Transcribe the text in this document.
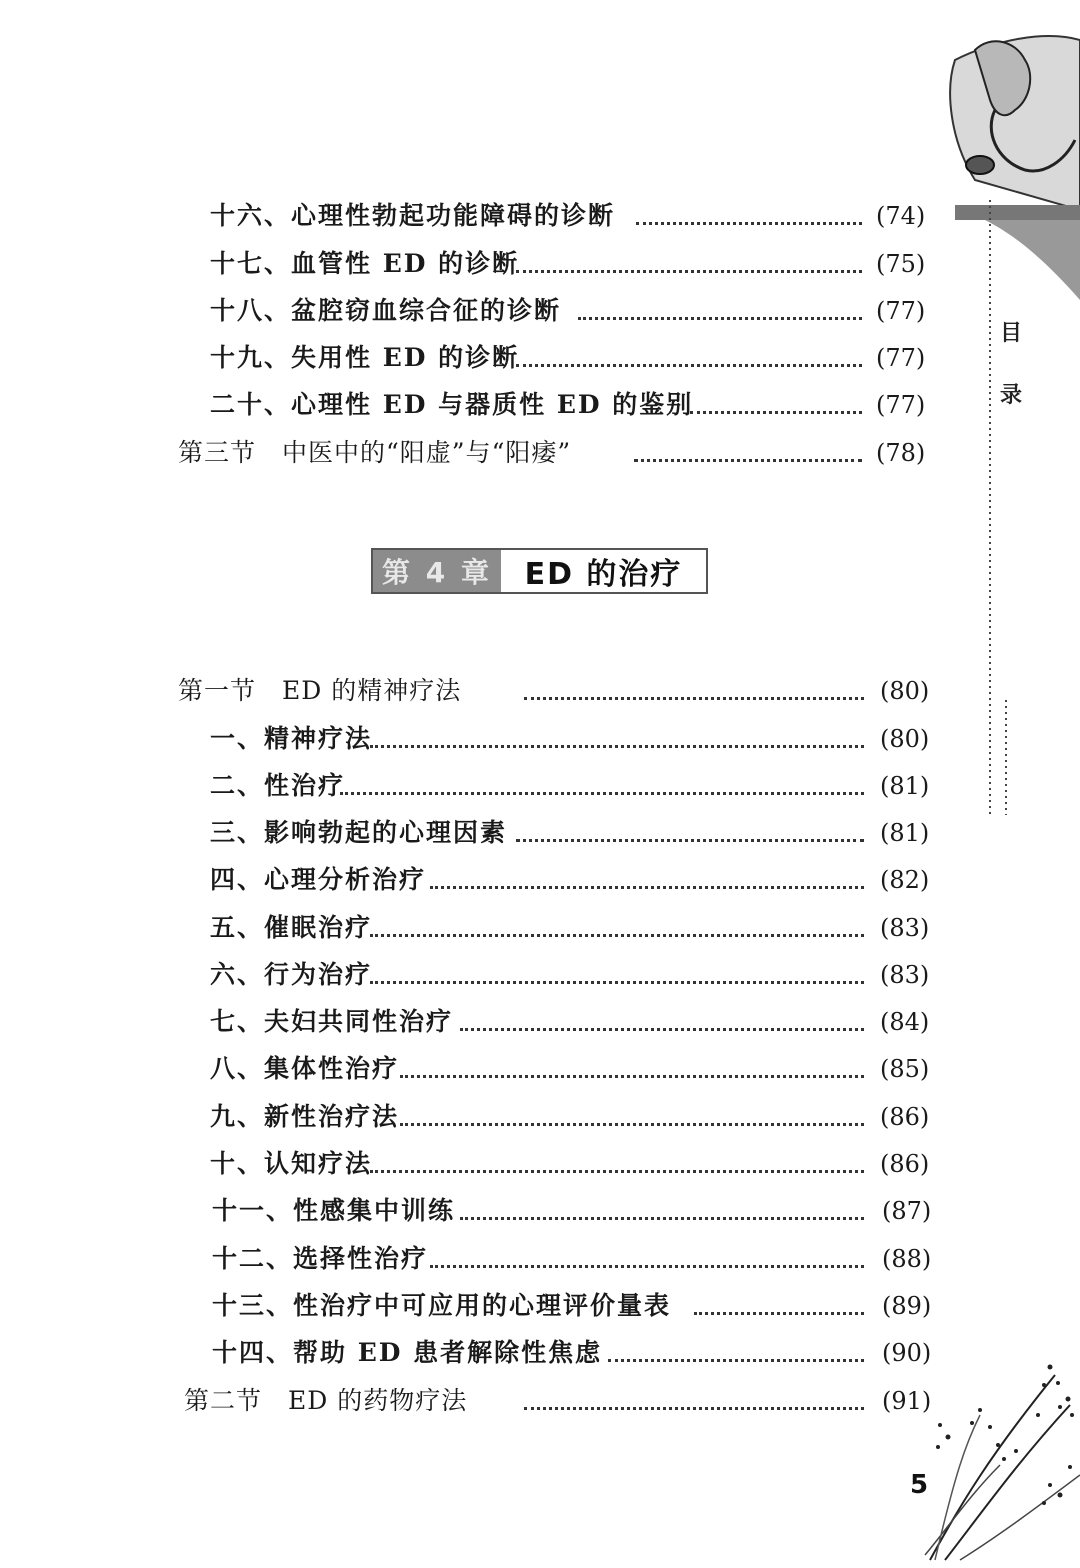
目
录
十六、心理性勃起功能障碍的诊断	(74)
十七、血管性 ED 的诊断	(75)
十八、盆腔窃血综合征的诊断	(77)
十九、失用性 ED 的诊断	(77)
二十、心理性 ED 与器质性 ED 的鉴别	(77)
第三节　中医中的“阳虚”与“阳痿”	(78)
第 4 章	ED 的治疗
第一节　ED 的精神疗法	(80)
一、精神疗法	(80)
二、性治疗	(81)
三、影响勃起的心理因素	(81)
四、心理分析治疗	(82)
五、催眠治疗	(83)
六、行为治疗	(83)
七、夫妇共同性治疗	(84)
八、集体性治疗	(85)
九、新性治疗法	(86)
十、认知疗法	(86)
十一、性感集中训练	(87)
十二、选择性治疗	(88)
十三、性治疗中可应用的心理评价量表	(89)
十四、帮助 ED 患者解除性焦虑	(90)
第二节　ED 的药物疗法	(91)
5
